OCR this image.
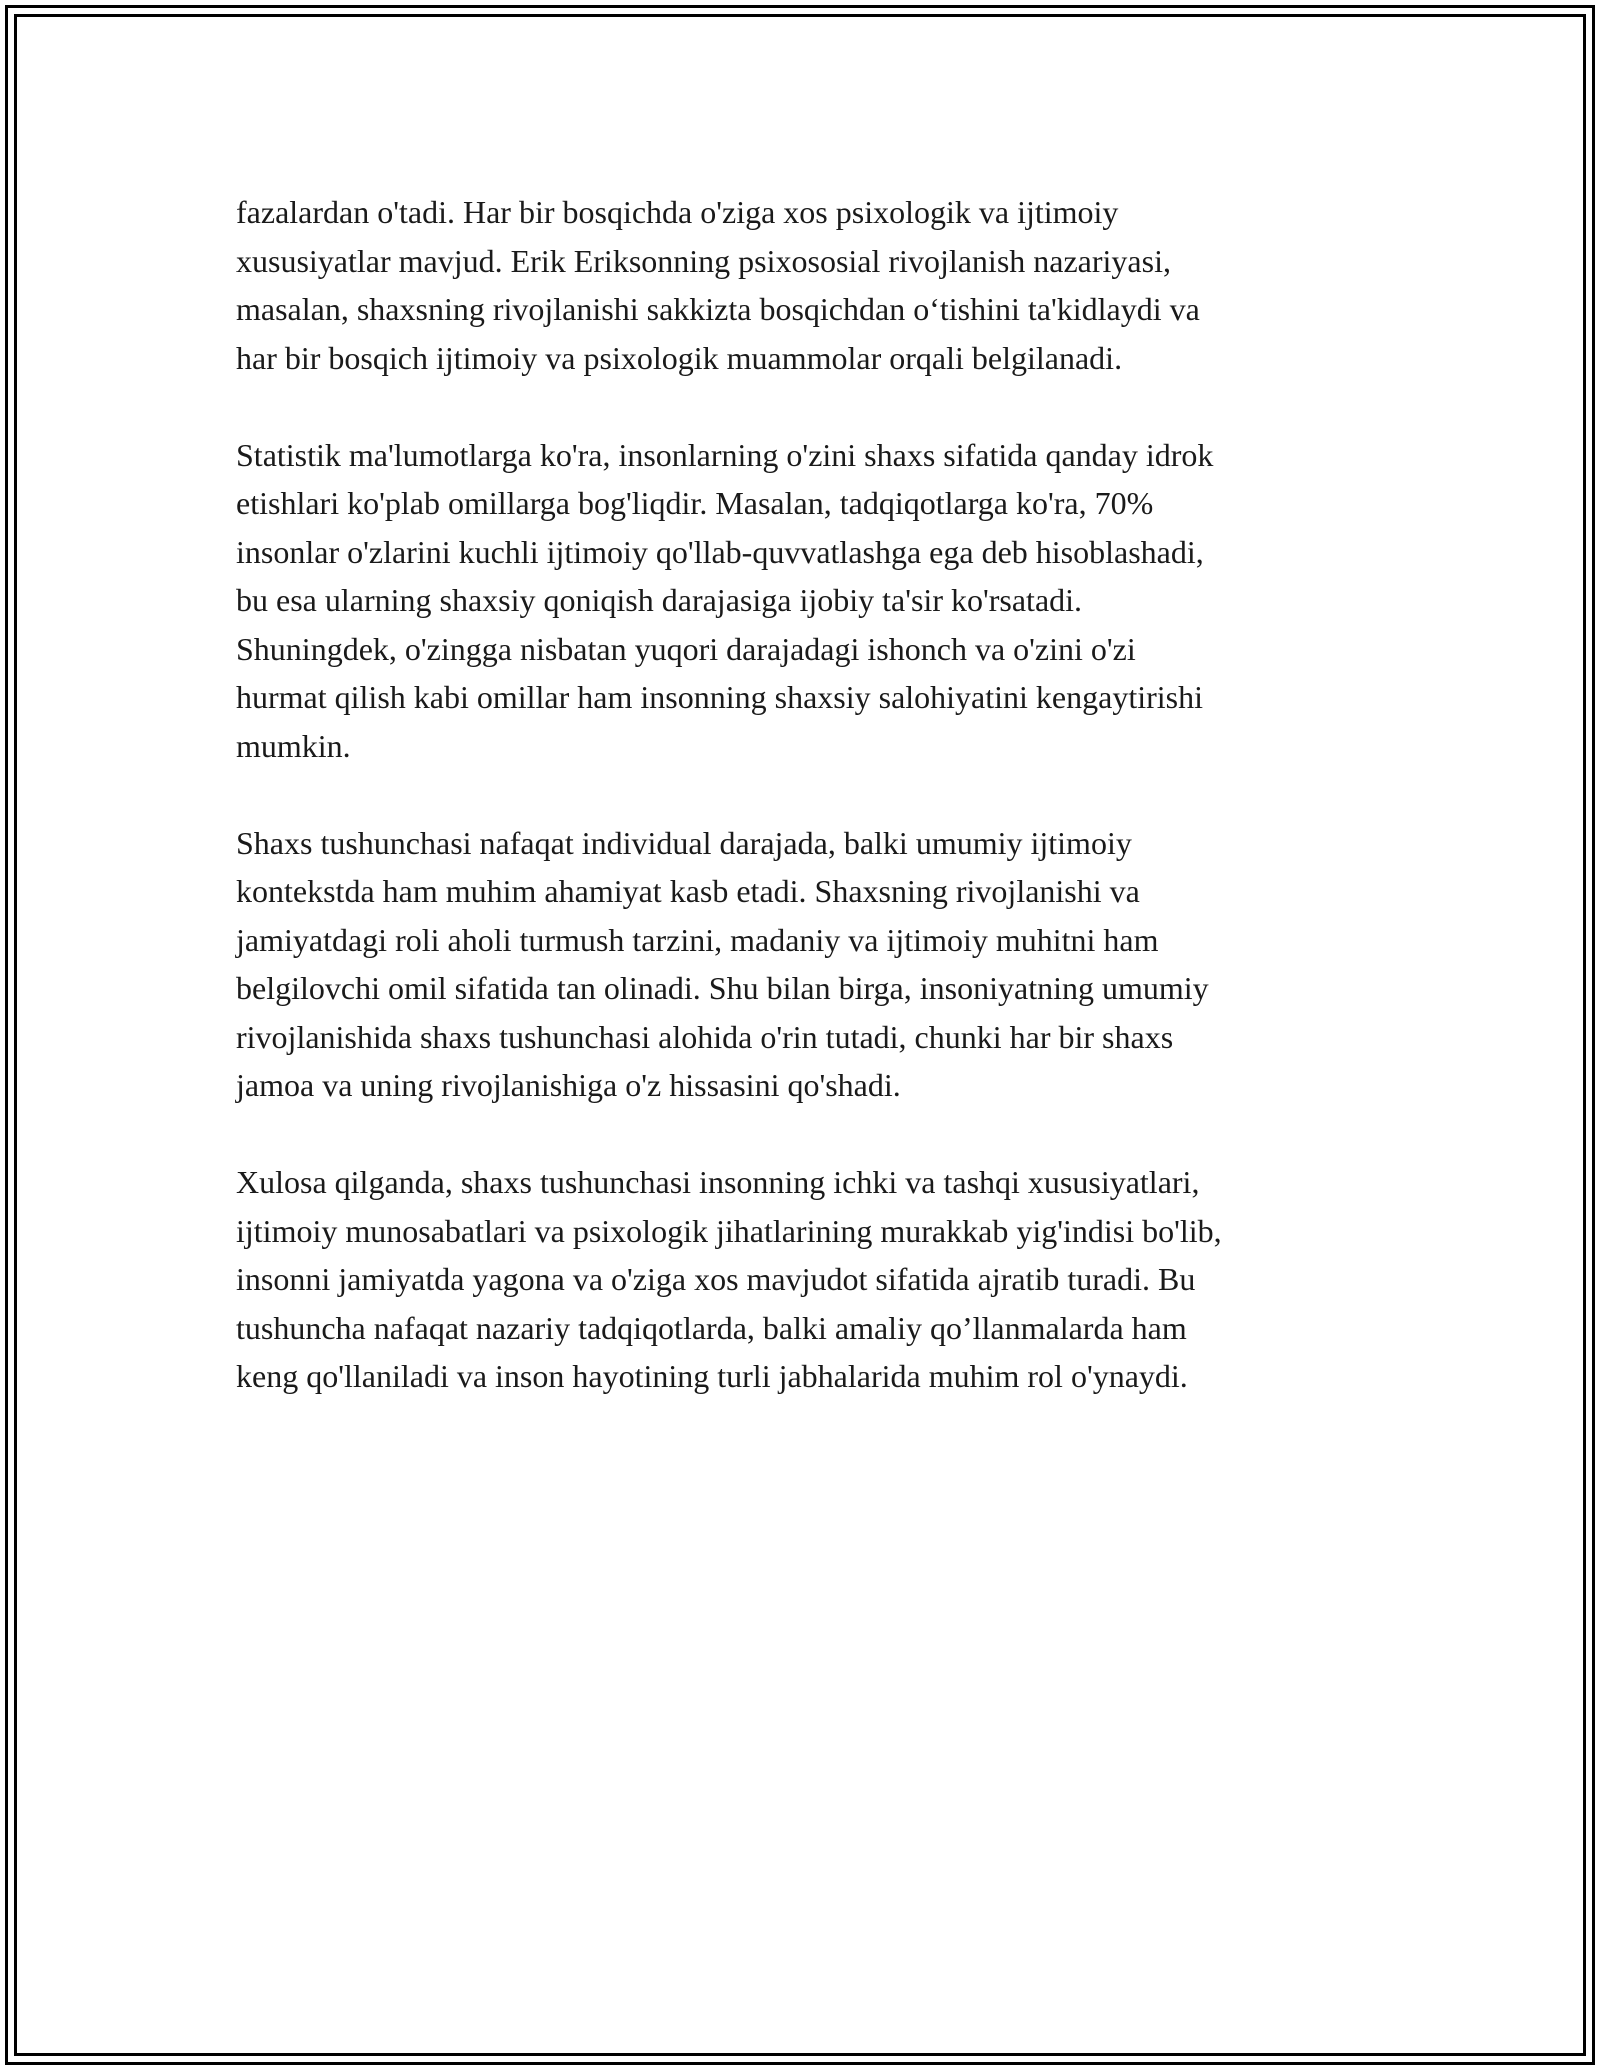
fazalardan o'tadi. Har bir bosqichda o'ziga xos psixologik va ijtimoiy
xususiyatlar mavjud. Erik Eriksonning psixososial rivojlanish nazariyasi,
masalan, shaxsning rivojlanishi sakkizta bosqichdan o‘tishini ta'kidlaydi va
har bir bosqich ijtimoiy va psixologik muammolar orqali belgilanadi.

Statistik ma'lumotlarga ko'ra, insonlarning o'zini shaxs sifatida qanday idrok
etishlari ko'plab omillarga bog'liqdir. Masalan, tadqiqotlarga ko'ra, 70%
insonlar o'zlarini kuchli ijtimoiy qo'llab-quvvatlashga ega deb hisoblashadi,
bu esa ularning shaxsiy qoniqish darajasiga ijobiy ta'sir ko'rsatadi.
Shuningdek, o'zingga nisbatan yuqori darajadagi ishonch va o'zini o'zi
hurmat qilish kabi omillar ham insonning shaxsiy salohiyatini kengaytirishi
mumkin.

Shaxs tushunchasi nafaqat individual darajada, balki umumiy ijtimoiy
kontekstda ham muhim ahamiyat kasb etadi. Shaxsning rivojlanishi va
jamiyatdagi roli aholi turmush tarzini, madaniy va ijtimoiy muhitni ham
belgilovchi omil sifatida tan olinadi. Shu bilan birga, insoniyatning umumiy
rivojlanishida shaxs tushunchasi alohida o'rin tutadi, chunki har bir shaxs
jamoa va uning rivojlanishiga o'z hissasini qo'shadi.

Xulosa qilganda, shaxs tushunchasi insonning ichki va tashqi xususiyatlari,
ijtimoiy munosabatlari va psixologik jihatlarining murakkab yig'indisi bo'lib,
insonni jamiyatda yagona va o'ziga xos mavjudot sifatida ajratib turadi. Bu
tushuncha nafaqat nazariy tadqiqotlarda, balki amaliy qo’llanmalarda ham
keng qo'llaniladi va inson hayotining turli jabhalarida muhim rol o'ynaydi.
